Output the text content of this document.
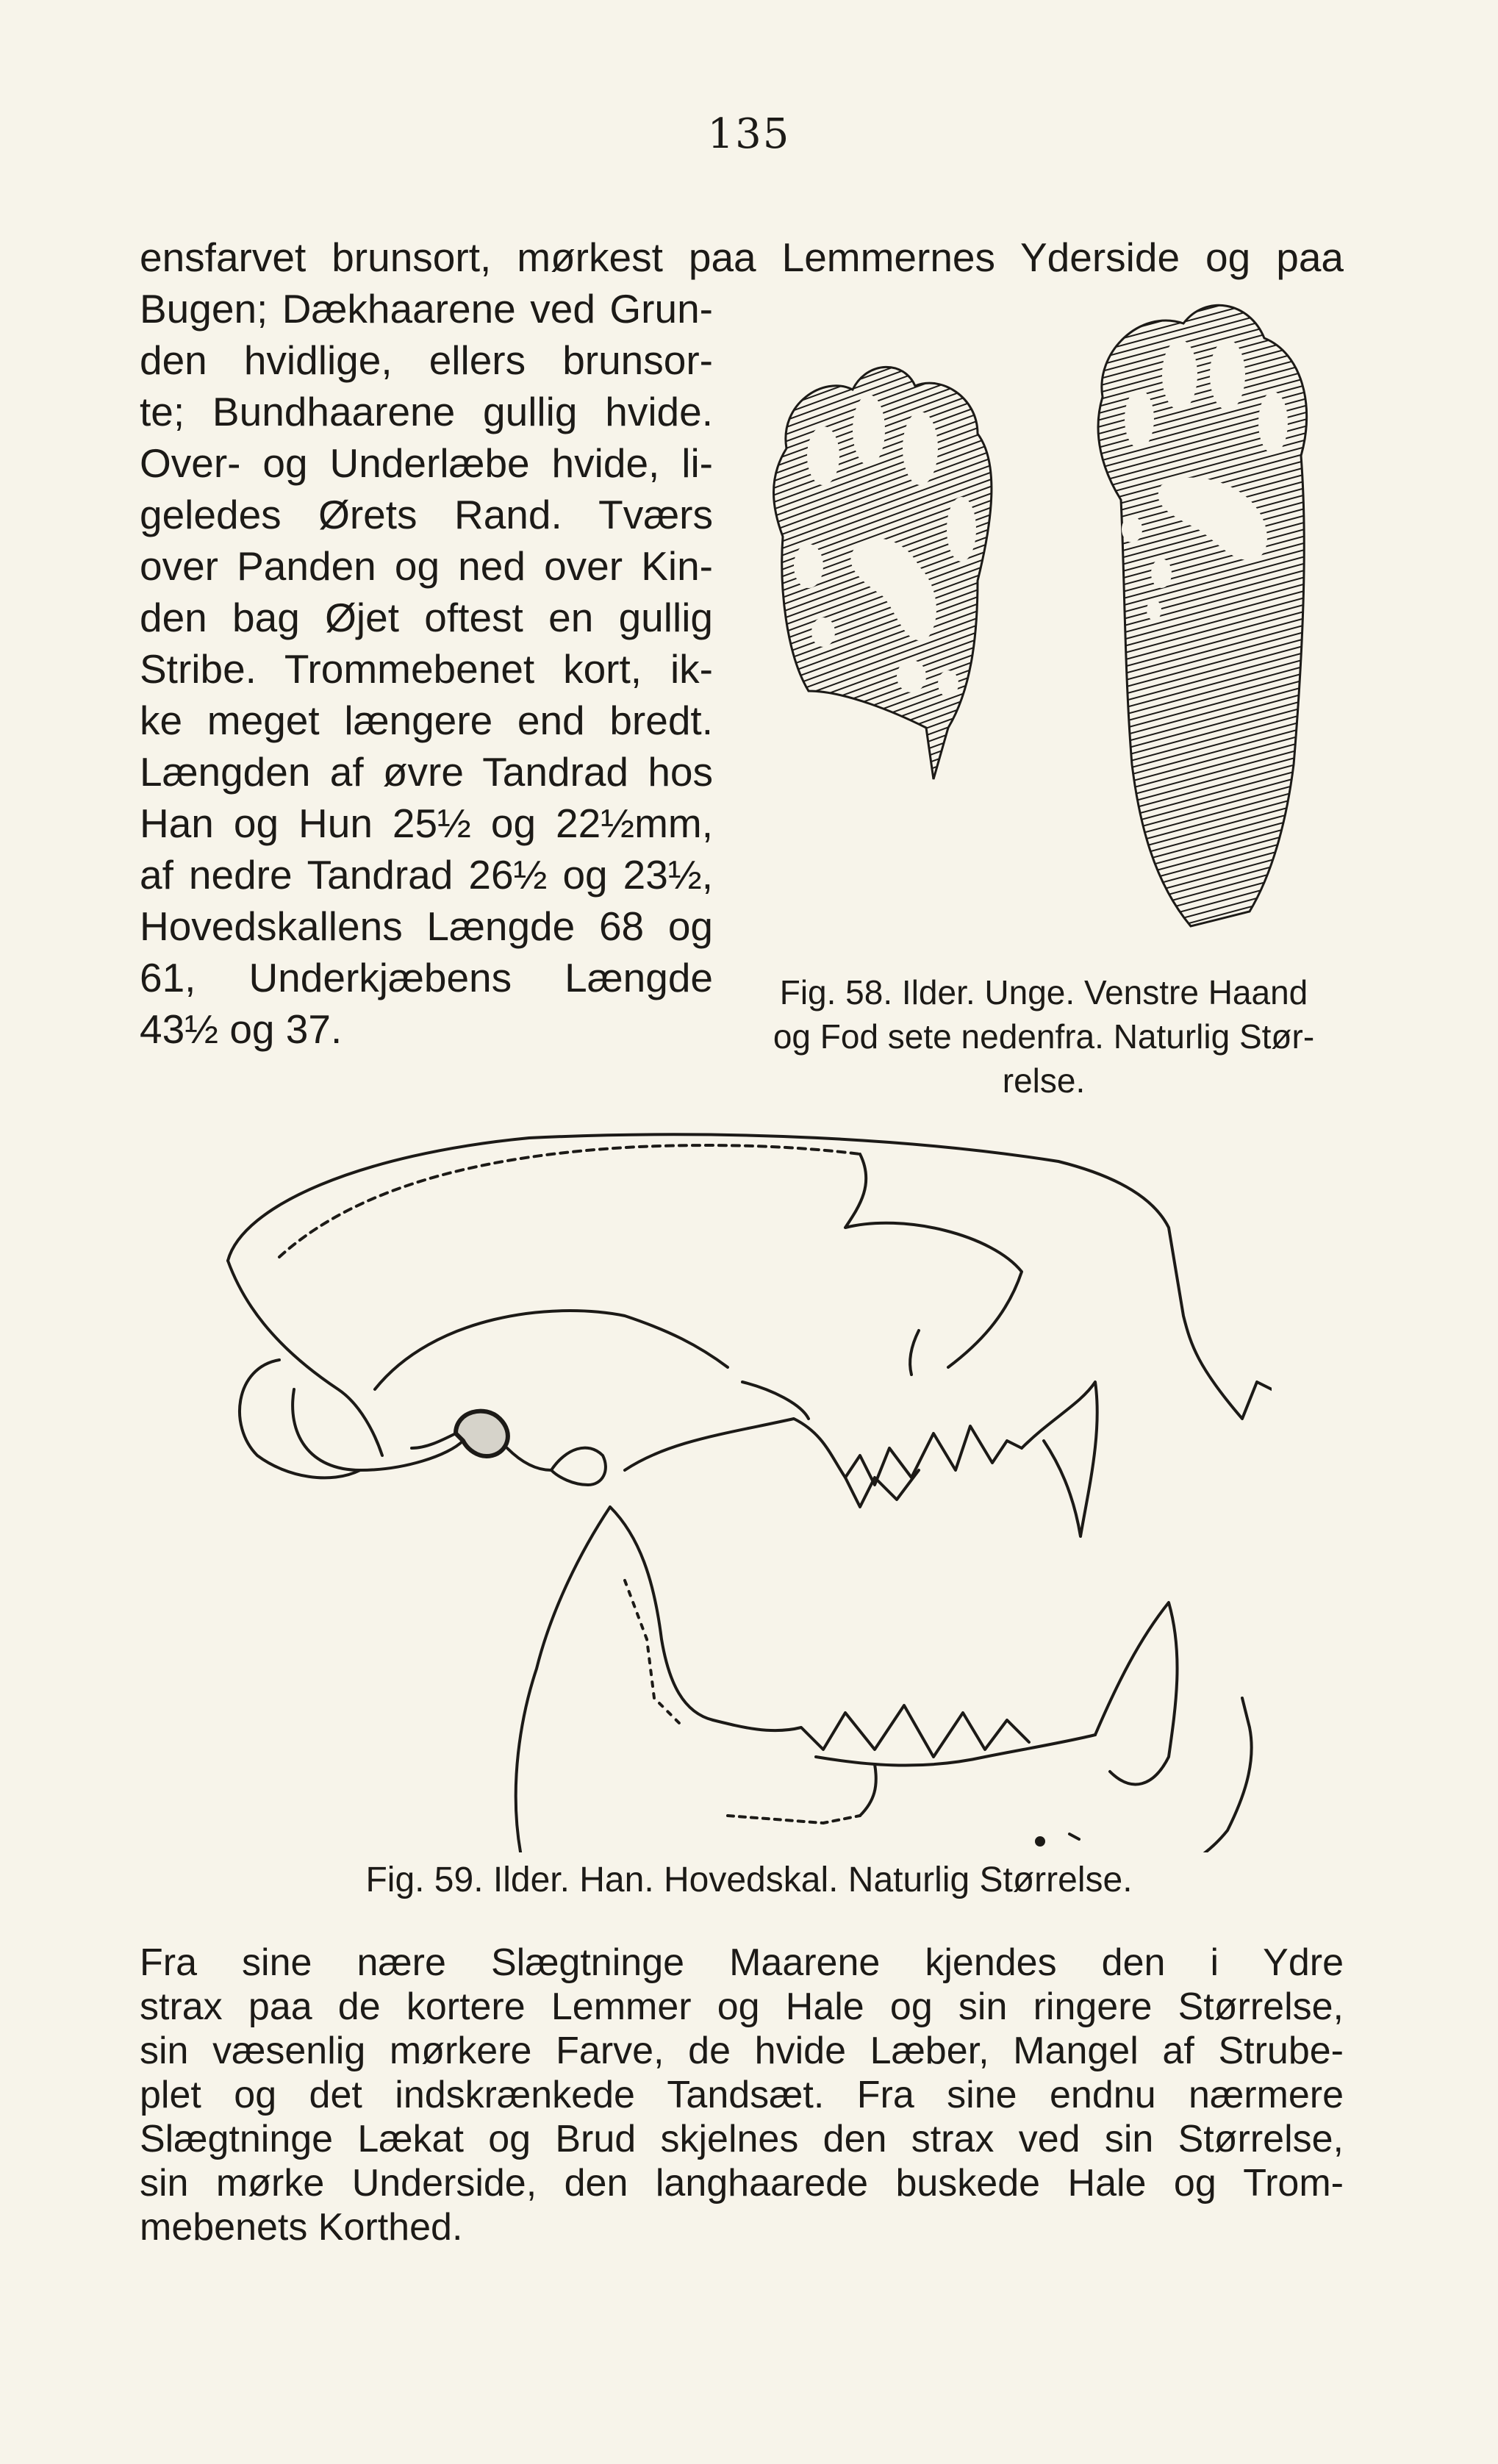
135
ensfarvet brunsort, mørkest paa Lemmernes Yderside og paa
Bugen; Dækhaarene ved Grun-
den hvidlige, ellers brunsor-
te; Bundhaarene gullig hvide.
Over- og Underlæbe hvide, li-
geledes Ørets Rand. Tværs
over Panden og ned over Kin-
den bag Øjet oftest en gullig
Stribe. Trommebenet kort, ik-
ke meget længere end bredt.
Længden af øvre Tandrad hos
Han og Hun 25½ og 22½mm,
af nedre Tandrad 26½ og 23½,
Hovedskallens Længde 68 og
61, Underkjæbens Længde
43½ og 37.
Fig. 58. Ilder. Unge. Venstre Haand
og Fod sete nedenfra. Naturlig Stør-
relse.
Fig. 59. Ilder. Han. Hovedskal. Naturlig Størrelse.
Fra sine nære Slægtninge Maarene kjendes den i Ydre
strax paa de kortere Lemmer og Hale og sin ringere Størrelse,
sin væsenlig mørkere Farve, de hvide Læber, Mangel af Strube-
plet og det indskrænkede Tandsæt. Fra sine endnu nærmere
Slægtninge Lækat og Brud skjelnes den strax ved sin Størrelse,
sin mørke Underside, den langhaarede buskede Hale og Trom-
mebenets Korthed.
